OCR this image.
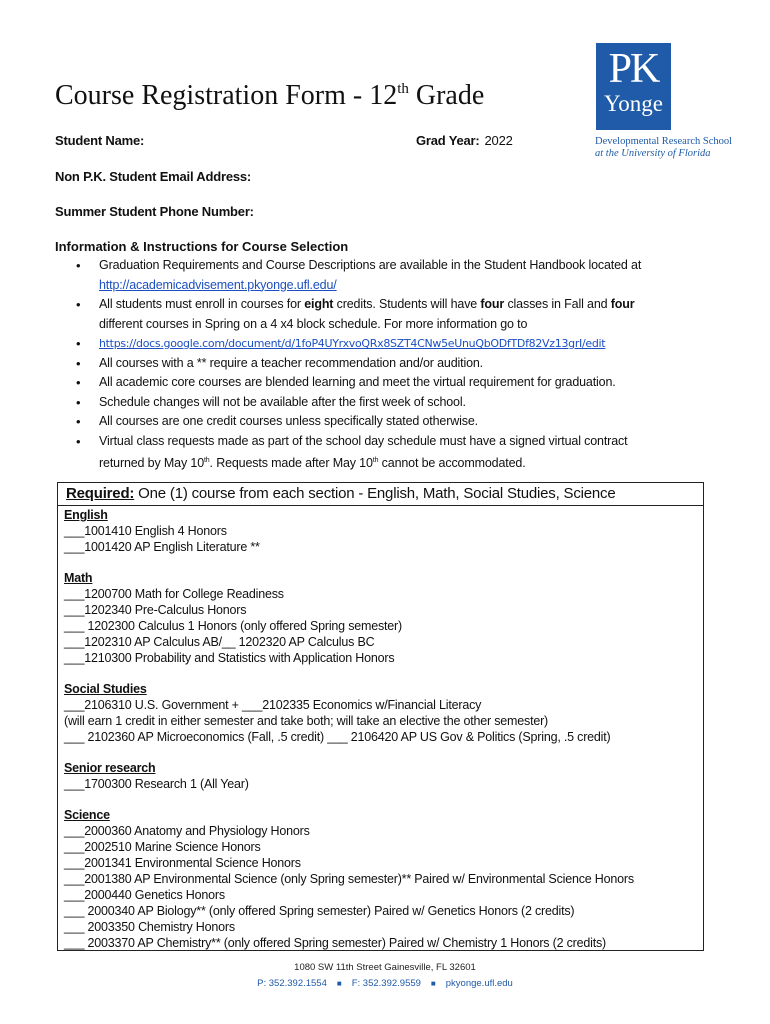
Course Registration Form - 12th Grade
PK
Yonge
Developmental Research School
at the University of Florida
Student Name:	Grad Year: 2022
Non P.K. Student Email Address:
Summer Student Phone Number:
Information & Instructions for Course Selection
• Graduation Requirements and Course Descriptions are available in the Student Handbook located at
http://academicadvisement.pkyonge.ufl.edu/
• All students must enroll in courses for eight credits. Students will have four classes in Fall and four
different courses in Spring on a 4 x4 block schedule. For more information go to
• https://docs.google.com/document/d/1foP4UYrxvoQRx8SZT4CNw5eUnuQbODfTDf82Vz13grI/edit
• All courses with a ** require a teacher recommendation and/or audition.
• All academic core courses are blended learning and meet the virtual requirement for graduation.
• Schedule changes will not be available after the first week of school.
• All courses are one credit courses unless specifically stated otherwise.
• Virtual class requests made as part of the school day schedule must have a signed virtual contract
returned by May 10th. Requests made after May 10th cannot be accommodated.
Required: One (1) course from each section - English, Math, Social Studies, Science
English
___1001410 English 4 Honors
___1001420 AP English Literature **
Math
___1200700 Math for College Readiness
___1202340 Pre-Calculus Honors
___ 1202300 Calculus 1 Honors (only offered Spring semester)
___1202310 AP Calculus AB/__ 1202320 AP Calculus BC
___1210300 Probability and Statistics with Application Honors
Social Studies
___2106310 U.S. Government + ___2102335 Economics w/Financial Literacy
(will earn 1 credit in either semester and take both; will take an elective the other semester)
___ 2102360 AP Microeconomics (Fall, .5 credit) ___ 2106420 AP US Gov & Politics (Spring, .5 credit)
Senior research
___1700300 Research 1 (All Year)
Science
___2000360 Anatomy and Physiology Honors
___2002510 Marine Science Honors
___2001341 Environmental Science Honors
___2001380 AP Environmental Science (only Spring semester)** Paired w/ Environmental Science Honors
___2000440 Genetics Honors
___ 2000340 AP Biology** (only offered Spring semester) Paired w/ Genetics Honors (2 credits)
___ 2003350 Chemistry Honors
___ 2003370 AP Chemistry** (only offered Spring semester) Paired w/ Chemistry 1 Honors (2 credits)
1080 SW 11th Street Gainesville, FL 32601
P: 352.392.1554 ■ F: 352.392.9559 ■ pkyonge.ufl.edu
